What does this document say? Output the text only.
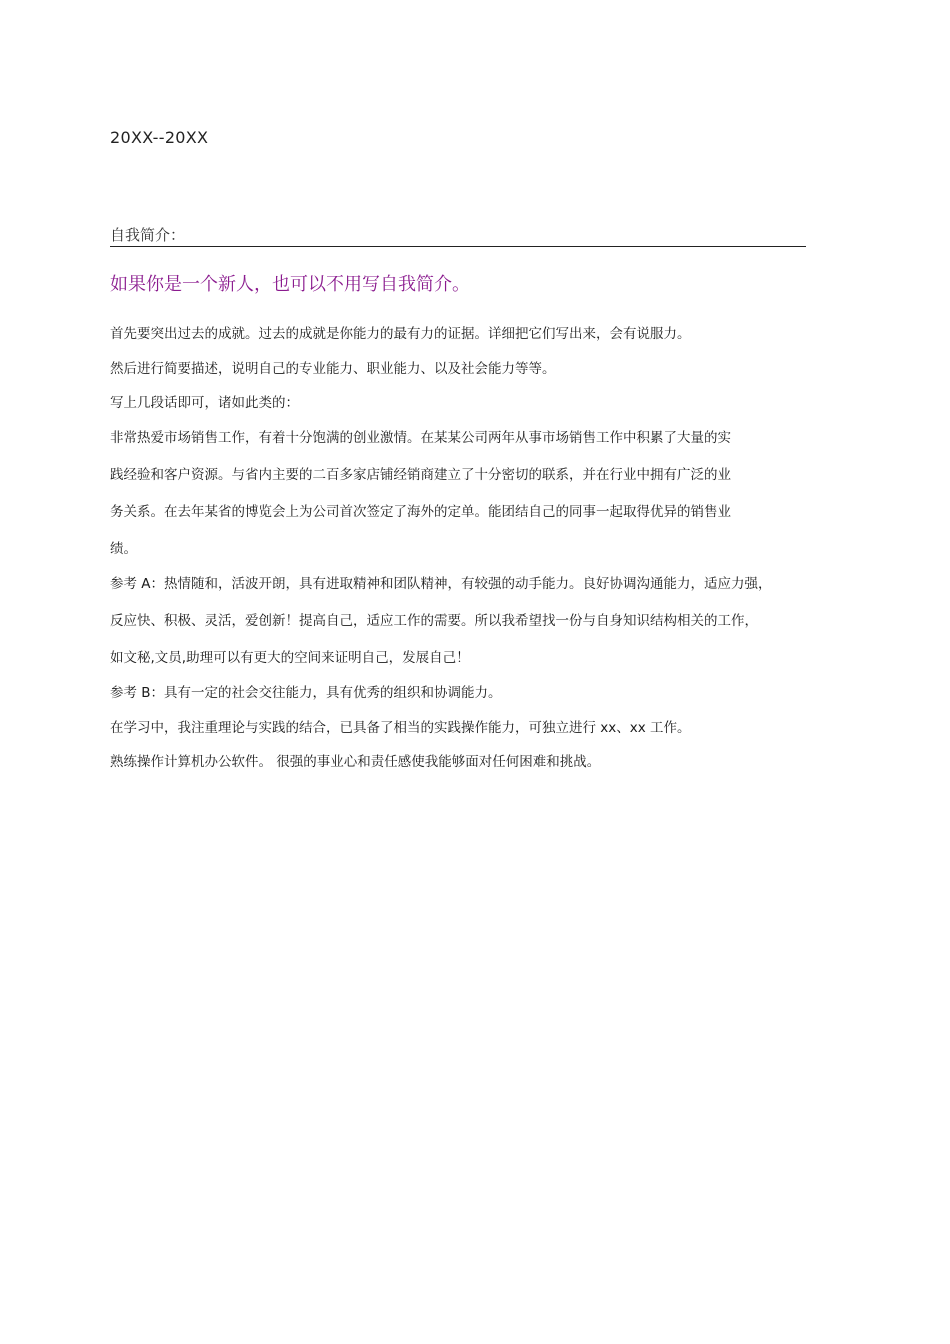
20XX--20XX
自我简介：
如果你是一个新人，也可以不用写自我简介。
首先要突出过去的成就。过去的成就是你能力的最有力的证据。详细把它们写出来，会有说服力。
然后进行简要描述，说明自己的专业能力、职业能力、以及社会能力等等。
写上几段话即可，诸如此类的：
非常热爱市场销售工作，有着十分饱满的创业激情。在某某公司两年从事市场销售工作中积累了大量的实
践经验和客户资源。与省内主要的二百多家店铺经销商建立了十分密切的联系，并在行业中拥有广泛的业
务关系。在去年某省的博览会上为公司首次签定了海外的定单。能团结自己的同事一起取得优异的销售业
绩。
参考 A：热情随和，活波开朗，具有进取精神和团队精神，有较强的动手能力。良好协调沟通能力，适应力强，
反应快、积极、灵活，爱创新！提高自己，适应工作的需要。所以我希望找一份与自身知识结构相关的工作，
如文秘,文员,助理可以有更大的空间来证明自己，发展自己！
参考 B：具有一定的社会交往能力，具有优秀的组织和协调能力。
在学习中，我注重理论与实践的结合，已具备了相当的实践操作能力，可独立进行 xx、xx 工作。
熟练操作计算机办公软件。 很强的事业心和责任感使我能够面对任何困难和挑战。
